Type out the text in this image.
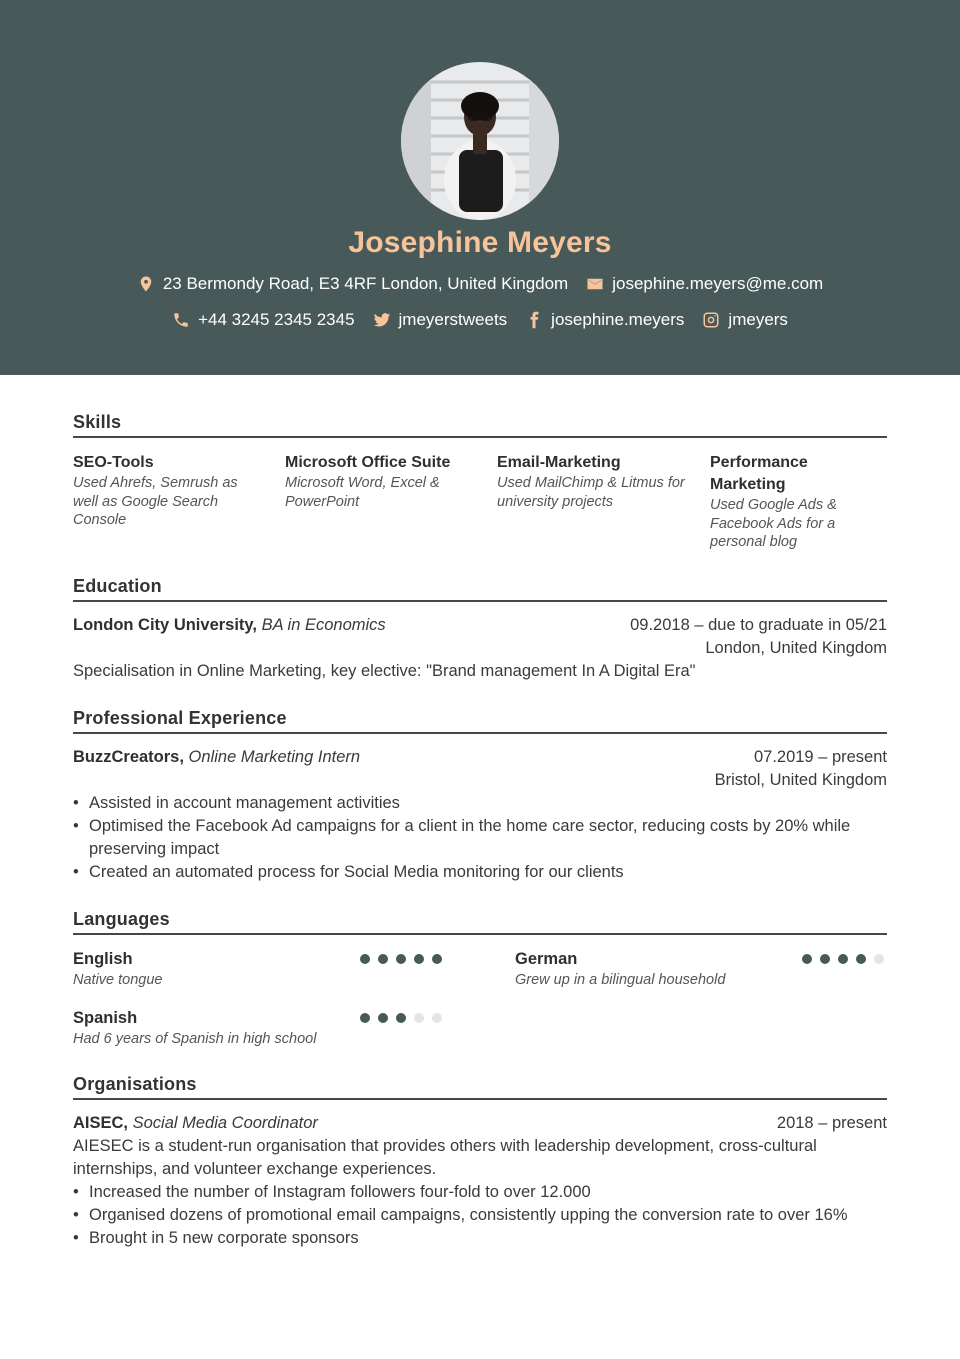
Josephine Meyers
23 Bermondy Road, E3 4RF London, United Kingdom	josephine.meyers@me.com
+44 3245 2345 2345	jmeyerstweets	josephine.meyers	jmeyers
Skills
SEO-Tools
Used Ahrefs, Semrush as well as Google Search Console
Microsoft Office Suite
Microsoft Word, Excel & PowerPoint
Email-Marketing
Used MailChimp & Litmus for university projects
Performance Marketing
Used Google Ads & Facebook Ads for a personal blog
Education
London City University, BA in Economics	09.2018 – due to graduate in 05/21
London, United Kingdom
Specialisation in Online Marketing, key elective: "Brand management In A Digital Era"
Professional Experience
BuzzCreators, Online Marketing Intern	07.2019 – present
Bristol, United Kingdom
• Assisted in account management activities
• Optimised the Facebook Ad campaigns for a client in the home care sector, reducing costs by 20% while preserving impact
• Created an automated process for Social Media monitoring for our clients
Languages
English
Native tongue
German
Grew up in a bilingual household
Spanish
Had 6 years of Spanish in high school
Organisations
AISEC, Social Media Coordinator	2018 – present
AIESEC is a student-run organisation that provides others with leadership development, cross-cultural internships, and volunteer exchange experiences.
• Increased the number of Instagram followers four-fold to over 12.000
• Organised dozens of promotional email campaigns, consistently upping the conversion rate to over 16%
• Brought in 5 new corporate sponsors
